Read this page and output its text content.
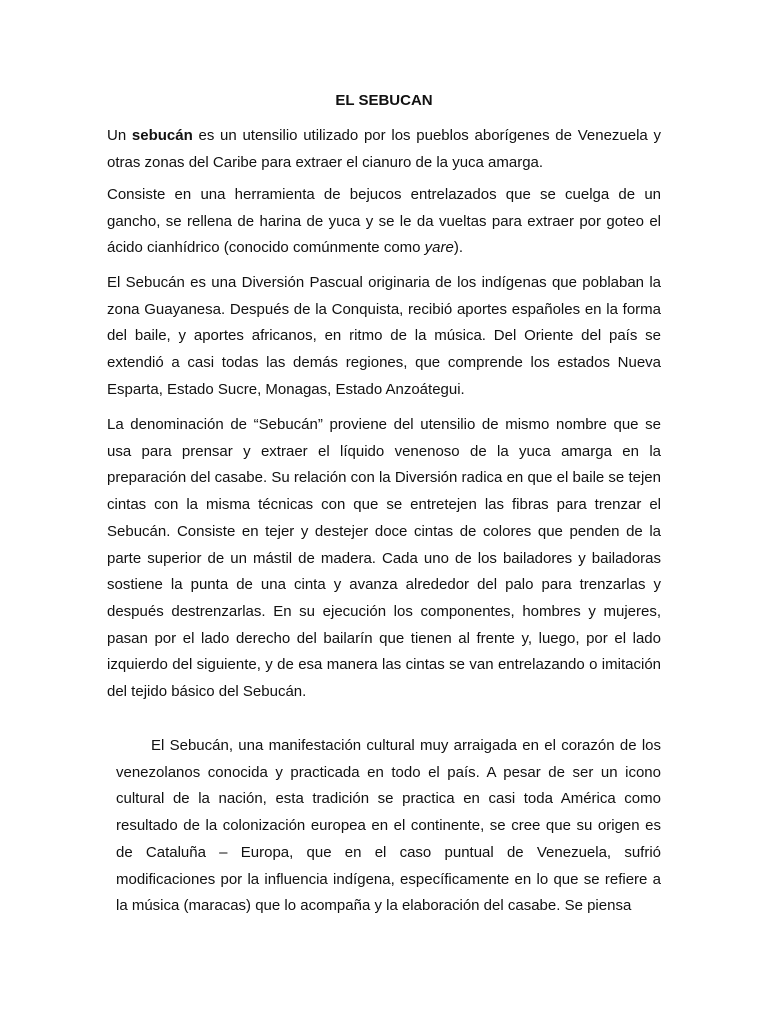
EL SEBUCAN

Un sebucán es un utensilio utilizado por los pueblos aborígenes de Venezuela y otras zonas del Caribe para extraer el cianuro de la yuca amarga.

Consiste en una herramienta de bejucos entrelazados que se cuelga de un gancho, se rellena de harina de yuca y se le da vueltas para extraer por goteo el ácido cianhídrico (conocido comúnmente como yare).

El Sebucán es una Diversión Pascual originaria de los indígenas que poblaban la zona Guayanesa. Después de la Conquista, recibió aportes españoles en la forma del baile, y aportes africanos, en ritmo de la música. Del Oriente del país se extendió a casi todas las demás regiones, que comprende los estados Nueva Esparta, Estado Sucre, Monagas, Estado Anzoátegui.

La denominación de “Sebucán” proviene del utensilio de mismo nombre que se usa para prensar y extraer el líquido venenoso de la yuca amarga en la preparación del casabe. Su relación con la Diversión radica en que el baile se tejen cintas con la misma técnicas con que se entretejen las fibras para trenzar el Sebucán. Consiste en tejer y destejer doce cintas de colores que penden de la parte superior de un mástil de madera. Cada uno de los bailadores y bailadoras sostiene la punta de una cinta y avanza alrededor del palo para trenzarlas y después destrenzarlas. En su ejecución los componentes, hombres y mujeres, pasan por el lado derecho del bailarín que tienen al frente y, luego, por el lado izquierdo del siguiente, y de esa manera las cintas se van entrelazando o imitación del tejido básico del Sebucán.

El Sebucán, una manifestación cultural muy arraigada en el corazón de los venezolanos conocida y practicada en todo el país. A pesar de ser un icono cultural de la nación, esta tradición se practica en casi toda América como resultado de la colonización europea en el continente, se cree que su origen es de Cataluña – Europa, que en el caso puntual de Venezuela, sufrió modificaciones por la influencia indígena, específicamente en lo que se refiere a la música (maracas) que lo acompaña y la elaboración del casabe. Se piensa
